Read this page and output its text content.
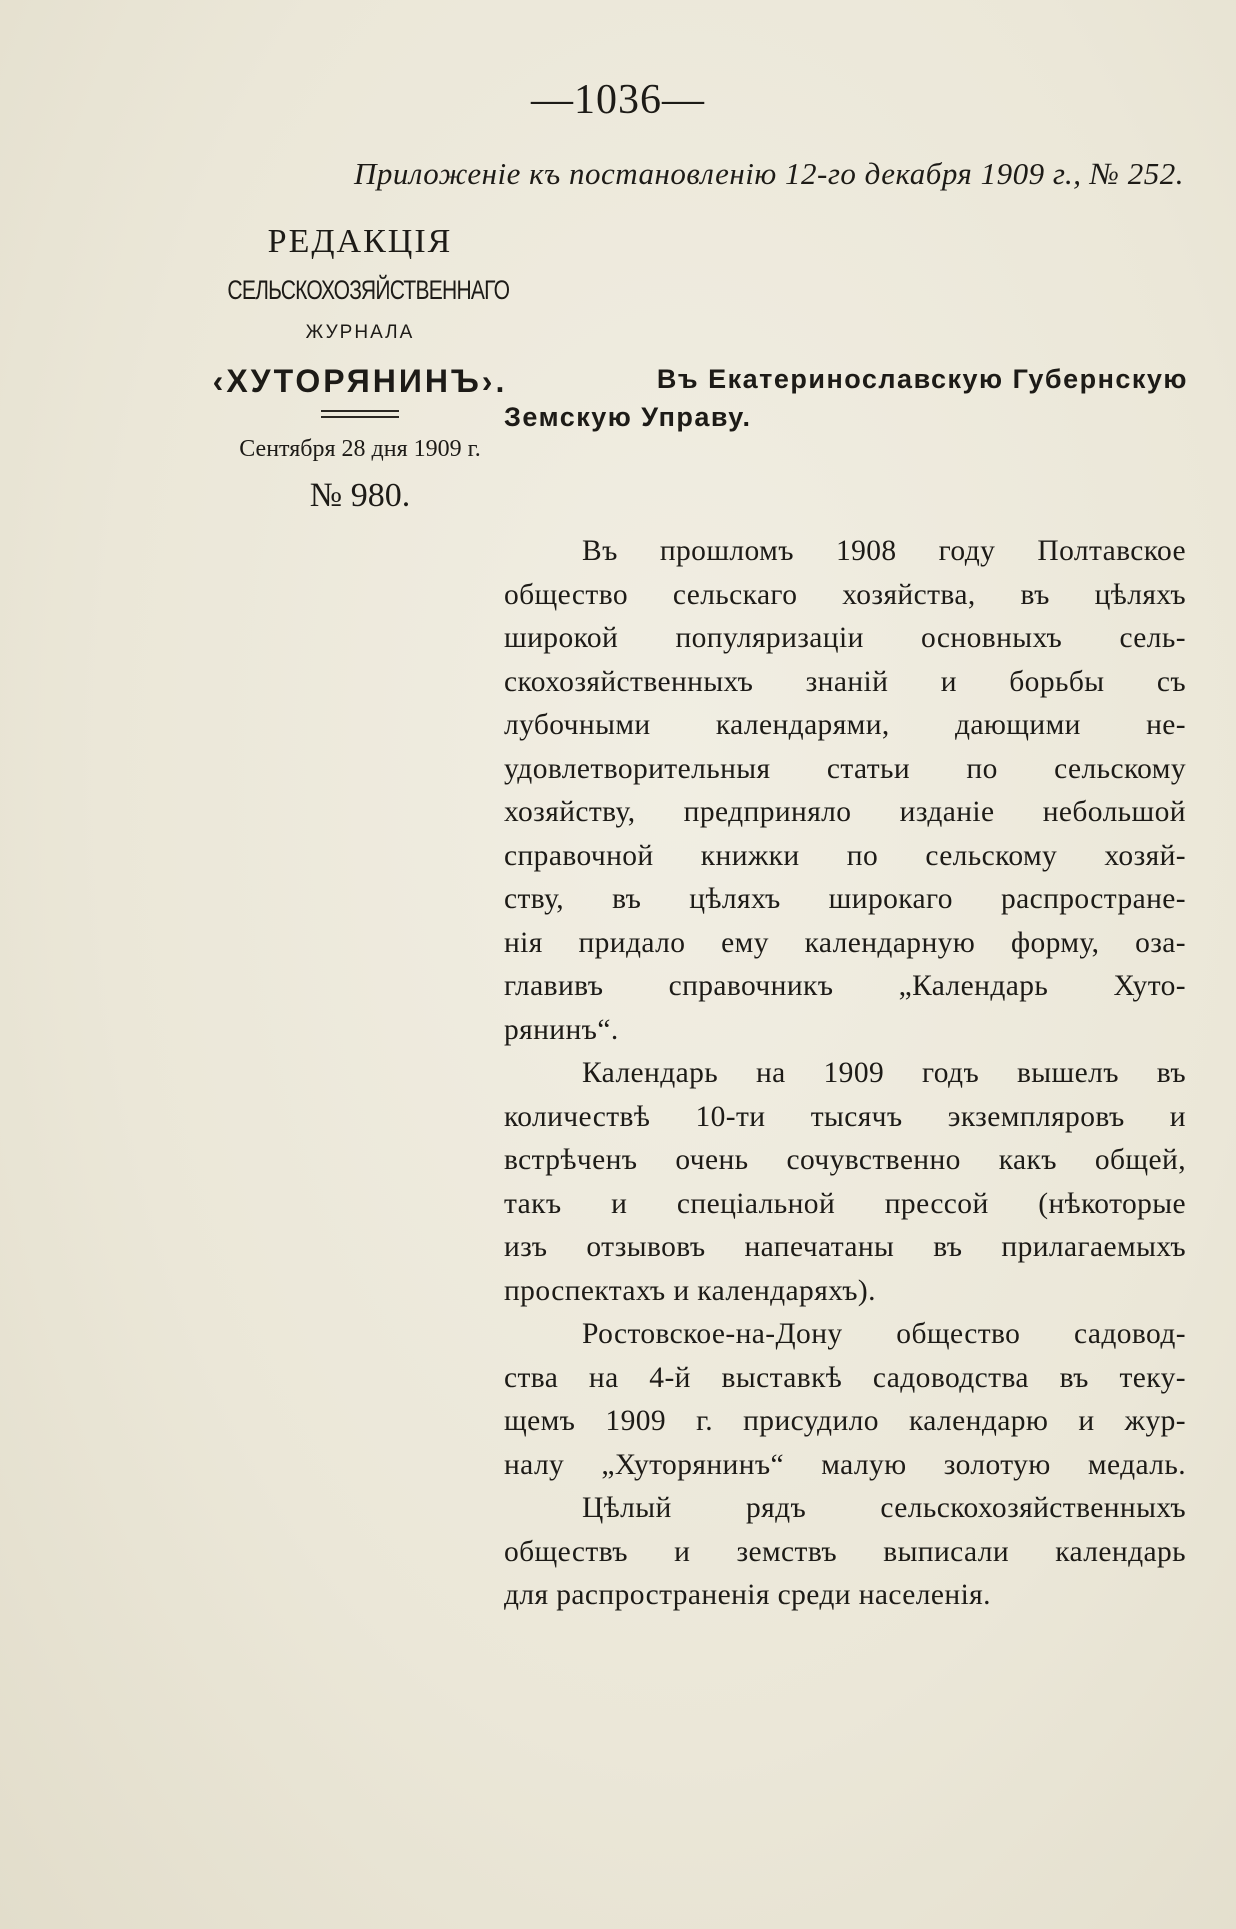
—1036—
Приложеніе къ постановленію 12-го декабря 1909 г., № 252.
РЕДАКЦІЯ
СЕЛЬСКОХОЗЯЙСТВЕННАГО
ЖУРНАЛА
‹ХУТОРЯНИНЪ›.
Сентября 28 дня 1909 г.
№ 980.
Въ Екатеринославскую Губернскую
Земскую Управу.

Въ прошломъ 1908 году Полтавское
общество сельскаго хозяйства, въ цѣляхъ
широкой популяризаціи основныхъ сель-
скохозяйственныхъ знаній и борьбы съ
лубочными календарями, дающими не-
удовлетворительныя статьи по сельскому
хозяйству, предприняло изданіе небольшой
справочной книжки по сельскому хозяй-
ству, въ цѣляхъ широкаго распростране-
нія придало ему календарную форму, оза-
главивъ справочникъ „Календарь Хуто-
рянинъ“.

Календарь на 1909 годъ вышелъ въ
количествѣ 10-ти тысячъ экземпляровъ и
встрѣченъ очень сочувственно какъ общей,
такъ и спеціальной прессой (нѣкоторые
изъ отзывовъ напечатаны въ прилагаемыхъ
проспектахъ и календаряхъ).

Ростовское-на-Дону общество садовод-
ства на 4-й выставкѣ садоводства въ теку-
щемъ 1909 г. присудило календарю и жур-
налу „Хуторянинъ“ малую золотую медаль.

Цѣлый рядъ сельскохозяйственныхъ
обществъ и земствъ выписали календарь
для распространенія среди населенія.
